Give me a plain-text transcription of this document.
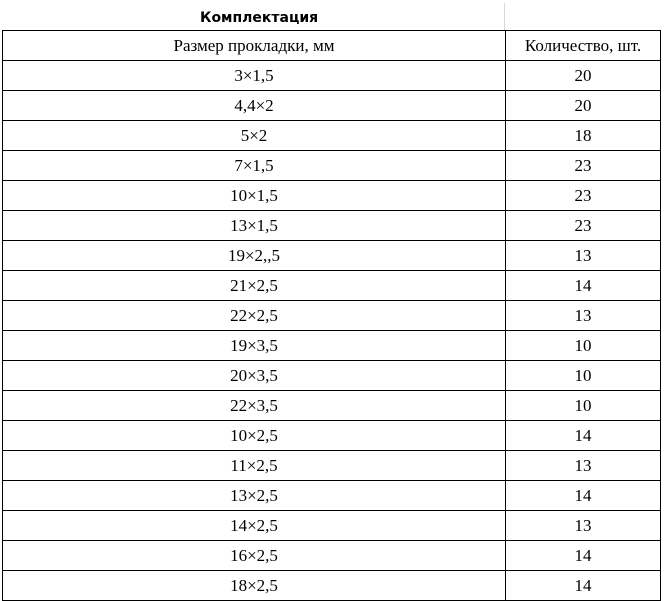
Комплектация
Размер прокладки, мм	Количество, шт.
3×1,5	20
4,4×2	20
5×2	18
7×1,5	23
10×1,5	23
13×1,5	23
19×2,,5	13
21×2,5	14
22×2,5	13
19×3,5	10
20×3,5	10
22×3,5	10
10×2,5	14
11×2,5	13
13×2,5	14
14×2,5	13
16×2,5	14
18×2,5	14
